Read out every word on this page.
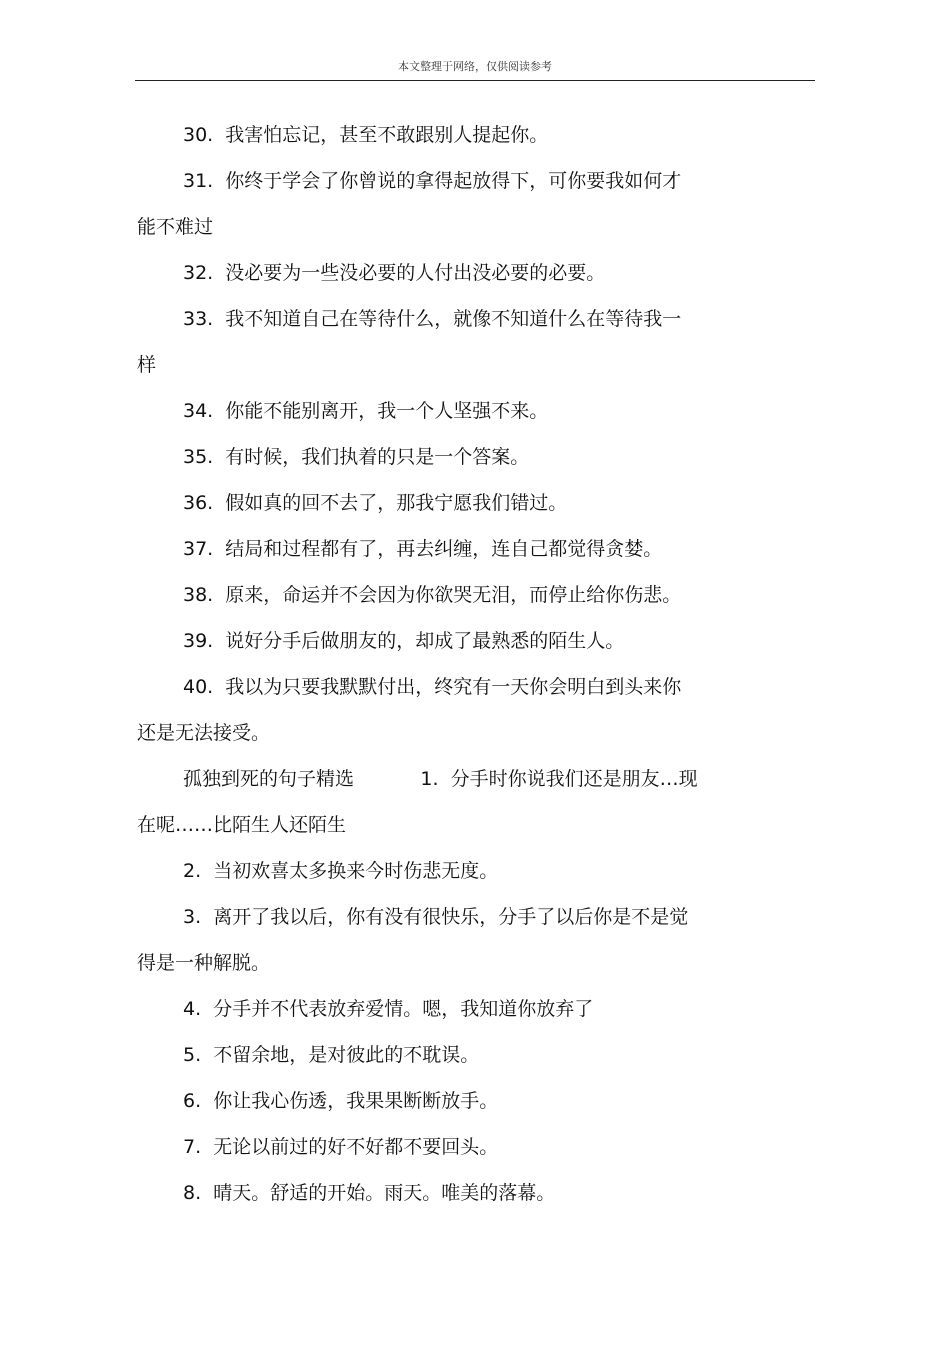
本文整理于网络，仅供阅读参考
30.  我害怕忘记，甚至不敢跟别人提起你。
31.  你终于学会了你曾说的拿得起放得下，可你要我如何才
能不难过
32.  没必要为一些没必要的人付出没必要的必要。
33.  我不知道自己在等待什么，就像不知道什么在等待我一
样
34.  你能不能别离开，我一个人坚强不来。
35.  有时候，我们执着的只是一个答案。
36.  假如真的回不去了，那我宁愿我们错过。
37.  结局和过程都有了，再去纠缠，连自己都觉得贪婪。
38.  原来，命运并不会因为你欲哭无泪，而停止给你伤悲。
39.  说好分手后做朋友的，却成了最熟悉的陌生人。
40.  我以为只要我默默付出，终究有一天你会明白到头来你
还是无法接受。
孤独到死的句子精选           1.  分手时你说我们还是朋友…现
在呢……比陌生人还陌生
2.  当初欢喜太多换来今时伤悲无度。
3.  离开了我以后，你有没有很快乐，分手了以后你是不是觉
得是一种解脱。
4.  分手并不代表放弃爱情。嗯，我知道你放弃了
5.  不留余地，是对彼此的不耽误。
6.  你让我心伤透，我果果断断放手。
7.  无论以前过的好不好都不要回头。
8.  晴天。舒适的开始。雨天。唯美的落幕。
